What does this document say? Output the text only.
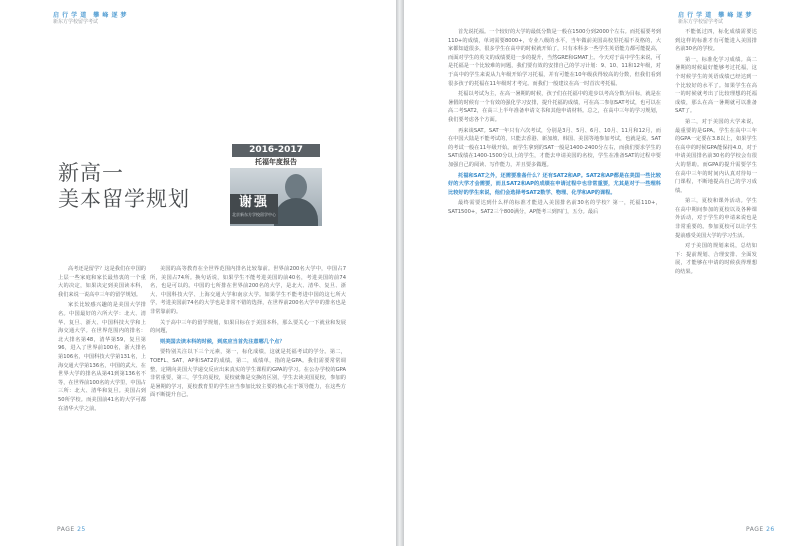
启 行 学 道　攀 峰 逐 梦
新东方学校留学考试
新高一
美本留学规划
2016-2017
托福年度报告
谢强
北京新东方学校留学中心

高考还是留学？这是我们在中国的上层一些家庭和家长最热衷的一个重大的决定，如果决定到美国读本科，我们来说一说高中三年的留学规划。

家长比较感兴趣的是美国大学排名。中国最好的六所大学：北大、清华、复旦、浙大、中国科技大学和上海交通大学。在世界范围内的排名：北大排名第48，清华第59，复旦第96，进入了世界前100名，浙大排名第106名，中国科技大学第131名，上海交通大学第136名，中国的武大、在世界大学的排名从第41到第136名不等，在世界前100名的大学里，中国占三所：北大、清华和复旦。美国占到50所学校。而美国前41名的大学可都在清华大学之前。

美国的高等教育在全世界范围内排名比较靠前。世界前200名大学中，中国占7所，美国占74所。换句话说，如果学生不能考进美国的前40名，考进美国的前74名，也是可以的。中国的七所排在世界前200名的大学，是北大、清华、复旦、浙大、中国科技大学、上海交通大学和南京大学。如果学生不能考进中国的这七所大学，考进美国前74名的大学也是非常不错的选择，在世界前200名大学中的排名也是非常靠前的。

关于高中三年的留学规划，如果目标在于美国本科，那么要关心一下就业和发展的问题，

则美国去读本科的时候，到底应当首先注意哪几个点？

要特别关注以下三个元素，第一，标化成绩，这就是托福考试的学分。第二，TOEFL、SAT、AP和SAT2的成绩。第二，成绩单，指的是GPA。我们需要常常调整，定期向美国大学递交反应出来真实的学生课程的GPA的学习。在公办学校的GPA非常重要，第三，学生的夏校，夏校就像是交换的区别，学生去读美国夏校，参加的是暑期的学习，夏校教育里的学生应当参加比较主要的核心在于领导能力，在这些方面不断提升自己。

PAGE 25
启 行 学 道　攀 峰 逐 梦
新东方学校留学考试

首先说托福。一个较好的大学的最低分数是一般在1500分到2000个左右。而托福要考到110+的成绩，单词需要8000+，专业八级的水平，当年做前美国高校里托福不及格的，大家都知道很多，很多学生在高中的时候就开始了，只有本科多一些学生英语能力都可能提高，而面对学生的英文的成绩要进一步的提升，当然GRE和GMAT上。今天对于高中学生来说，可是托福是一个比较难的问题，我们要有效的安排自己的学习计划：9、10、11和12年级，对于高中的学生来说从九年级开始学习托福，并有可能在10年级获得较高的分数，但我们看到很多孩子的托福在11年级时才考完。而我们一般建议在高一时首次考托福。

托福以考试为主，在高一暑期的时候，孩子们在托福中的进步以考高分数为目标，就是在暑假的时候有一个有效的强化学习安排，提升托福的成绩，可在高二参加SAT考试，也可以在高二考SAT2，在高三上半年准备申请文书和其他申请材料。总之，在高中三年的学习规划，我们要考虑各个方面。

再来谈SAT。SAT一年只有六次考试，分别是3月、5月、6月、10月、11月和12月，而在中国大陆是不能考试的，只能去香港、新加坡、韩国、美国等地参加考试，也就是说，SAT的考试一般在11年级开始。而学生拿到的SAT一般是1400-2400分左右，而我们要求学生的SAT成绩在1400-1500分以上的学生，才能去申请美国的名校，学生在准备SAT的过程中要加强自己的阅读、写作能力，并且要多做题。

托福和SAT之外，还需要准备什么？还有SAT2和AP。SAT2和AP都是在美国一些比较好的大学才会需要，而且SAT2和AP的成绩在申请过程中也非常重要，尤其是对于一些理科比较好的学生来说，他们会选择考SAT2数学、物理、化学和AP的课程。

最终需要达到什么样的标准才能进入美国排名前30名的学校？第一，托福110+，SAT1500+，SAT2三个800满分，AP能考三到四门，五分。最后

不能低过四，标化成绩需要达到这样的标准才有可能进入美国排名前30名的学校。

第一，标准化学习成绩。高二暑期的时候最好能够考过托福，这个时候学生的英语成绩已经达到一个比较好的水平了。如果学生在高一的时候就考出了比较理想的托福成绩，那么在高一暑期就可以准备SAT了。

第二，对于美国的大学来说，最重要的是GPA。学生在高中三年的GPA一定要在3.8以上，如果学生在高中的时候GPA能保持4.0，对于申请美国排名前30名的学校会有很大的帮助。而GPA的提升需要学生在高中三年的时间内认真对待每一门课程，不断地提高自己的学习成绩。

第三，夏校和课外活动。学生在高中期间参加的夏校以及各种课外活动，对于学生的申请来说也是非常重要的。参加夏校可以让学生提前感受美国大学的学习生活。

对于美国的规划来说，总结如下：提前规划、合理安排、全面发展，才能够在申请的时候获得理想的结果。

PAGE 26
